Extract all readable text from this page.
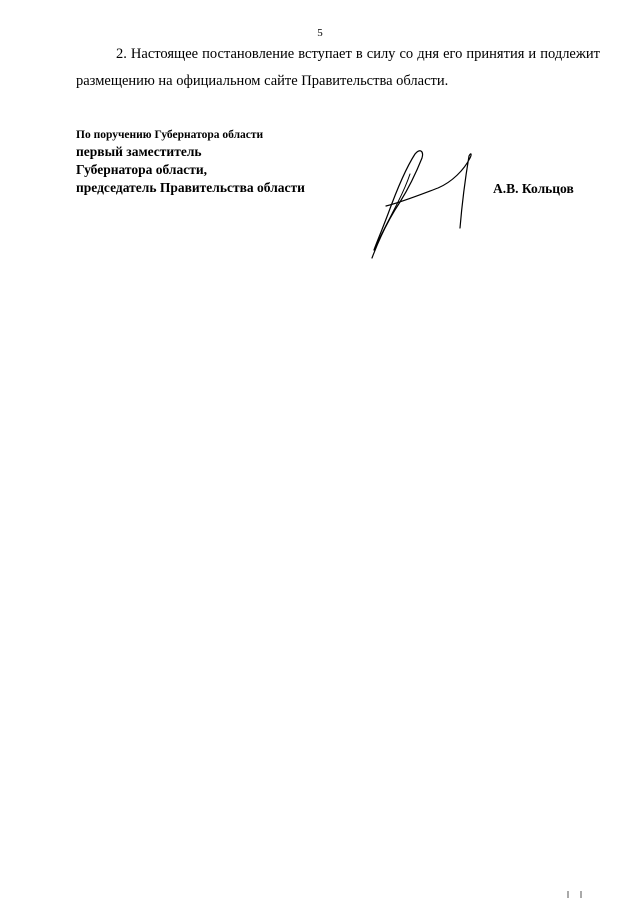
5

2. Настоящее постановление вступает в силу со дня его принятия и подлежит размещению на официальном сайте Правительства области.

По поручению Губернатора области
первый заместитель
Губернатора области,
председатель Правительства области	А.В. Кольцов
